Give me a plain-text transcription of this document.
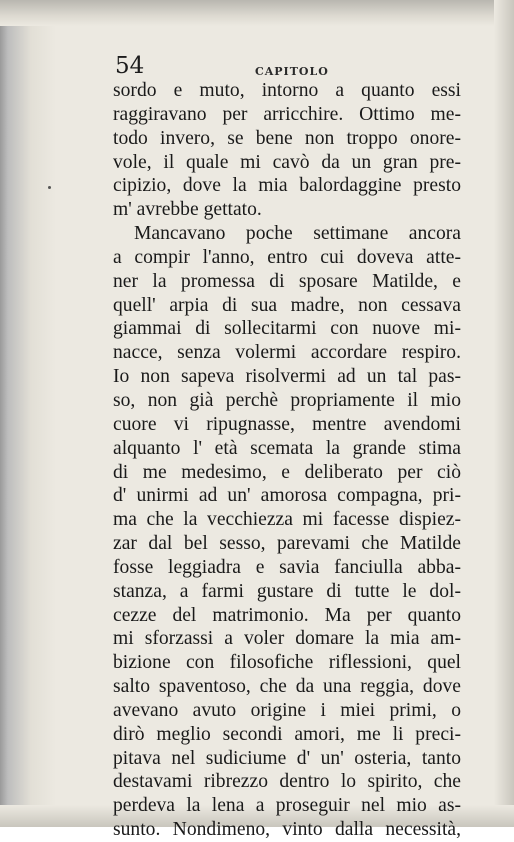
54	CAPITOLO
sordo e muto, intorno a quanto essi
raggiravano per arricchire. Ottimo me-
todo invero, se bene non troppo onore-
vole, il quale mi cavò da un gran pre-
cipizio, dove la mia balordaggine presto
m' avrebbe gettato.
Mancavano poche settimane ancora
a compir l'anno, entro cui doveva atte-
ner la promessa di sposare Matilde, e
quell' arpia di sua madre, non cessava
giammai di sollecitarmi con nuove mi-
nacce, senza volermi accordare respiro.
Io non sapeva risolvermi ad un tal pas-
so, non già perchè propriamente il mio
cuore vi ripugnasse, mentre avendomi
alquanto l' età scemata la grande stima
di me medesimo, e deliberato per ciò
d' unirmi ad un' amorosa compagna, pri-
ma che la vecchiezza mi facesse dispiez-
zar dal bel sesso, parevami che Matilde
fosse leggiadra e savia fanciulla abba-
stanza, a farmi gustare di tutte le dol-
cezze del matrimonio. Ma per quanto
mi sforzassi a voler domare la mia am-
bizione con filosofiche riflessioni, quel
salto spaventoso, che da una reggia, dove
avevano avuto origine i miei primi, o
dirò meglio secondi amori, me li preci-
pitava nel sudiciume d' un' osteria, tanto
destavami ribrezzo dentro lo spirito, che
perdeva la lena a proseguir nel mio as-
sunto. Nondimeno, vinto dalla necessità,
